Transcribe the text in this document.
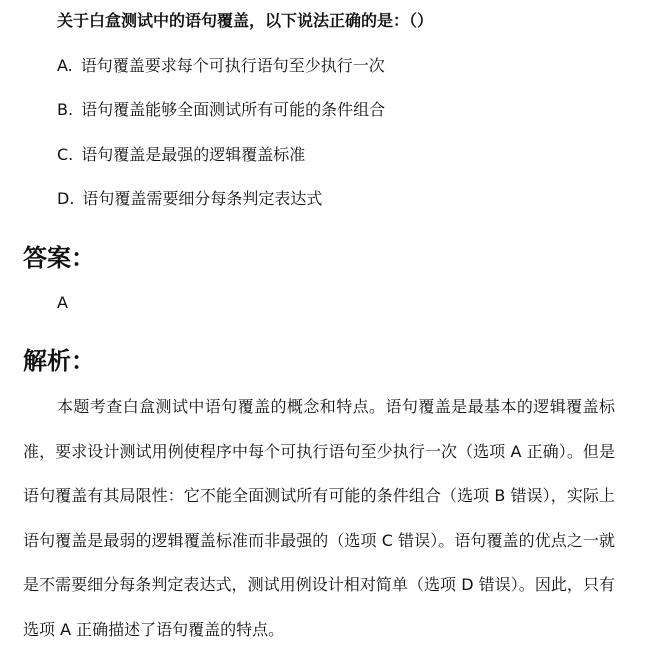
关于白盒测试中的语句覆盖，以下说法正确的是：（）
A. 语句覆盖要求每个可执行语句至少执行一次
B. 语句覆盖能够全面测试所有可能的条件组合
C. 语句覆盖是最强的逻辑覆盖标准
D. 语句覆盖需要细分每条判定表达式
答案：
A
解析：
本题考查白盒测试中语句覆盖的概念和特点。语句覆盖是最基本的逻辑覆盖标准，要求设计测试用例使程序中每个可执行语句至少执行一次（选项 A 正确）。但是语句覆盖有其局限性：它不能全面测试所有可能的条件组合（选项 B 错误），实际上语句覆盖是最弱的逻辑覆盖标准而非最强的（选项 C 错误）。语句覆盖的优点之一就是不需要细分每条判定表达式，测试用例设计相对简单（选项 D 错误）。因此，只有选项 A 正确描述了语句覆盖的特点。
